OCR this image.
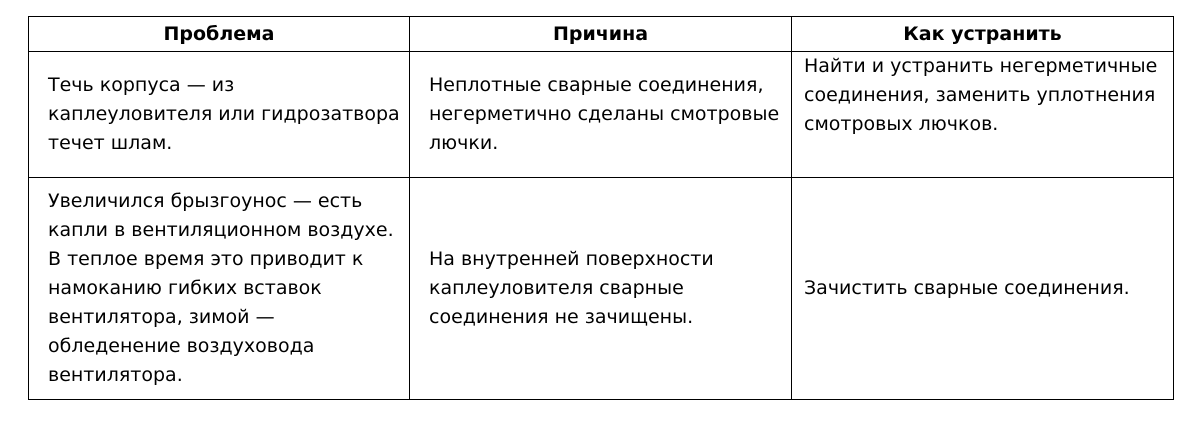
Проблема	Причина	Как устранить
Течь корпуса — из каплеуловителя или гидрозатвора течет шлам.	Неплотные сварные соединения, негерметично сделаны смотровые лючки.	Найти и устранить негерметичные соединения, заменить уплотнения смотровых лючков.
Увеличился брызгоунос — есть капли в вентиляционном воздухе. В теплое время это приводит к намоканию гибких вставок вентилятора, зимой — обледенение воздуховода вентилятора.	На внутренней поверхности каплеуловителя сварные соединения не зачищены.	Зачистить сварные соединения.
